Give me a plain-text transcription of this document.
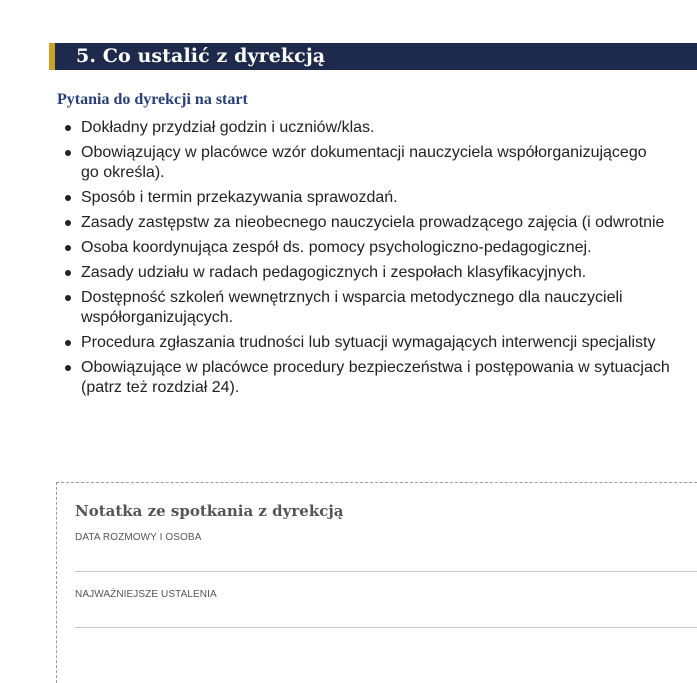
5. Co ustalić z dyrekcją
Pytania do dyrekcji na start
Dokładny przydział godzin i uczniów/klas.
Obowiązujący w placówce wzór dokumentacji nauczyciela współorganizującego
go określa).
Sposób i termin przekazywania sprawozdań.
Zasady zastępstw za nieobecnego nauczyciela prowadzącego zajęcia (i odwrotnie
Osoba koordynująca zespół ds. pomocy psychologiczno-pedagogicznej.
Zasady udziału w radach pedagogicznych i zespołach klasyfikacyjnych.
Dostępność szkoleń wewnętrznych i wsparcia metodycznego dla nauczycieli
współorganizujących.
Procedura zgłaszania trudności lub sytuacji wymagających interwencji specjalisty
Obowiązujące w placówce procedury bezpieczeństwa i postępowania w sytuacjach
(patrz też rozdział 24).
Notatka ze spotkania z dyrekcją
DATA ROZMOWY I OSOBA
NAJWAŻNIEJSZE USTALENIA
